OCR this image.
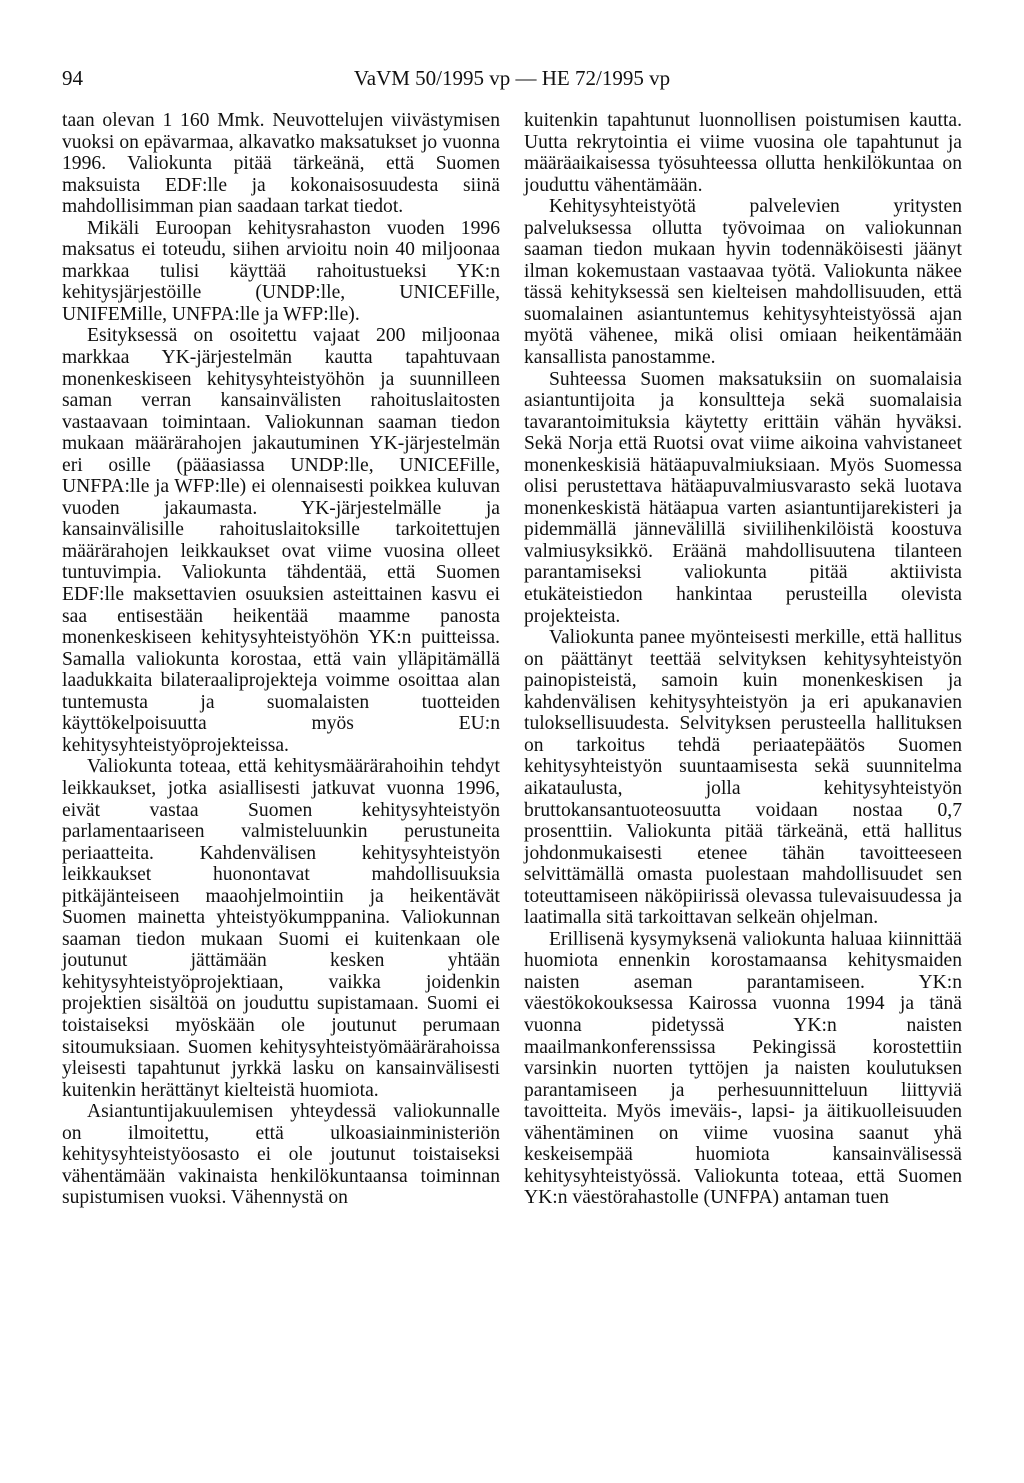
94	VaVM 50/1995 vp — HE 72/1995 vp

taan olevan 1 160 Mmk. Neuvottelujen viivästymisen vuoksi on epävarmaa, alkavatko maksatukset jo vuonna 1996. Valiokunta pitää tärkeänä, että Suomen maksuista EDF:lle ja kokonaisosuudesta siinä mahdollisimman pian saadaan tarkat tiedot.

Mikäli Euroopan kehitysrahaston vuoden 1996 maksatus ei toteudu, siihen arvioitu noin 40 miljoonaa markkaa tulisi käyttää rahoitustueksi YK:n kehitysjärjestöille (UNDP:lle, UNICEFille, UNIFEMille, UNFPA:lle ja WFP:lle).

Esityksessä on osoitettu vajaat 200 miljoonaa markkaa YK-järjestelmän kautta tapahtuvaan monenkeskiseen kehitysyhteistyöhön ja suunnilleen saman verran kansainvälisten rahoituslaitosten vastaavaan toimintaan. Valiokunnan saaman tiedon mukaan määrärahojen jakautuminen YK-järjestelmän eri osille (pääasiassa UNDP:lle, UNICEFille, UNFPA:lle ja WFP:lle) ei olennaisesti poikkea kuluvan vuoden jakaumasta. YK-järjestelmälle ja kansainvälisille rahoituslaitoksille tarkoitettujen määrärahojen leikkaukset ovat viime vuosina olleet tuntuvimpia. Valiokunta tähdentää, että Suomen EDF:lle maksettavien osuuksien asteittainen kasvu ei saa entisestään heikentää maamme panosta monenkeskiseen kehitysyhteistyöhön YK:n puitteissa. Samalla valiokunta korostaa, että vain ylläpitämällä laadukkaita bilateraaliprojekteja voimme osoittaa alan tuntemusta ja suomalaisten tuotteiden käyttökelpoisuutta myös EU:n kehitysyhteistyöprojekteissa.

Valiokunta toteaa, että kehitysmäärärahoihin tehdyt leikkaukset, jotka asiallisesti jatkuvat vuonna 1996, eivät vastaa Suomen kehitysyhteistyön parlamentaariseen valmisteluunkin perustuneita periaatteita. Kahdenvälisen kehitysyhteistyön leikkaukset huonontavat mahdollisuuksia pitkäjänteiseen maaohjelmointiin ja heikentävät Suomen mainetta yhteistyökumppanina. Valiokunnan saaman tiedon mukaan Suomi ei kuitenkaan ole joutunut jättämään kesken yhtään kehitysyhteistyöprojektiaan, vaikka joidenkin projektien sisältöä on jouduttu supistamaan. Suomi ei toistaiseksi myöskään ole joutunut perumaan sitoumuksiaan. Suomen kehitysyhteistyömäärärahoissa yleisesti tapahtunut jyrkkä lasku on kansainvälisesti kuitenkin herättänyt kielteistä huomiota.

Asiantuntijakuulemisen yhteydessä valiokunnalle on ilmoitettu, että ulkoasiainministeriön kehitysyhteistyöosasto ei ole joutunut toistaiseksi vähentämään vakinaista henkilökuntaansa toiminnan supistumisen vuoksi. Vähennystä on

kuitenkin tapahtunut luonnollisen poistumisen kautta. Uutta rekrytointia ei viime vuosina ole tapahtunut ja määräaikaisessa työsuhteessa ollutta henkilökuntaa on jouduttu vähentämään.

Kehitysyhteistyötä palvelevien yritysten palveluksessa ollutta työvoimaa on valiokunnan saaman tiedon mukaan hyvin todennäköisesti jäänyt ilman kokemustaan vastaavaa työtä. Valiokunta näkee tässä kehityksessä sen kielteisen mahdollisuuden, että suomalainen asiantuntemus kehitysyhteistyössä ajan myötä vähenee, mikä olisi omiaan heikentämään kansallista panostamme.

Suhteessa Suomen maksatuksiin on suomalaisia asiantuntijoita ja konsultteja sekä suomalaisia tavarantoimituksia käytetty erittäin vähän hyväksi. Sekä Norja että Ruotsi ovat viime aikoina vahvistaneet monenkeskisiä hätäapuvalmiuksiaan. Myös Suomessa olisi perustettava hätäapuvalmiusvarasto sekä luotava monenkeskistä hätäapua varten asiantuntijarekisteri ja pidemmällä jännevälillä siviilihenkilöistä koostuva valmiusyksikkö. Eräänä mahdollisuutena tilanteen parantamiseksi valiokunta pitää aktiivista etukäteistiedon hankintaa perusteilla olevista projekteista.

Valiokunta panee myönteisesti merkille, että hallitus on päättänyt teettää selvityksen kehitysyhteistyön painopisteistä, samoin kuin monenkeskisen ja kahdenvälisen kehitysyhteistyön ja eri apukanavien tuloksellisuudesta. Selvityksen perusteella hallituksen on tarkoitus tehdä periaatepäätös Suomen kehitysyhteistyön suuntaamisesta sekä suunnitelma aikataulusta, jolla kehitysyhteistyön bruttokansantuoteosuutta voidaan nostaa 0,7 prosenttiin. Valiokunta pitää tärkeänä, että hallitus johdonmukaisesti etenee tähän tavoitteeseen selvittämällä omasta puolestaan mahdollisuudet sen toteuttamiseen näköpiirissä olevassa tulevaisuudessa ja laatimalla sitä tarkoittavan selkeän ohjelman.

Erillisenä kysymyksenä valiokunta haluaa kiinnittää huomiota ennenkin korostamaansa kehitysmaiden naisten aseman parantamiseen. YK:n väestökokouksessa Kairossa vuonna 1994 ja tänä vuonna pidetyssä YK:n naisten maailmankonferenssissa Pekingissä korostettiin varsinkin nuorten tyttöjen ja naisten koulutuksen parantamiseen ja perhesuunnitteluun liittyviä tavoitteita. Myös imeväis-, lapsi- ja äitikuolleisuuden vähentäminen on viime vuosina saanut yhä keskeisempää huomiota kansainvälisessä kehitysyhteistyössä. Valiokunta toteaa, että Suomen YK:n väestörahastolle (UNFPA) antaman tuen
